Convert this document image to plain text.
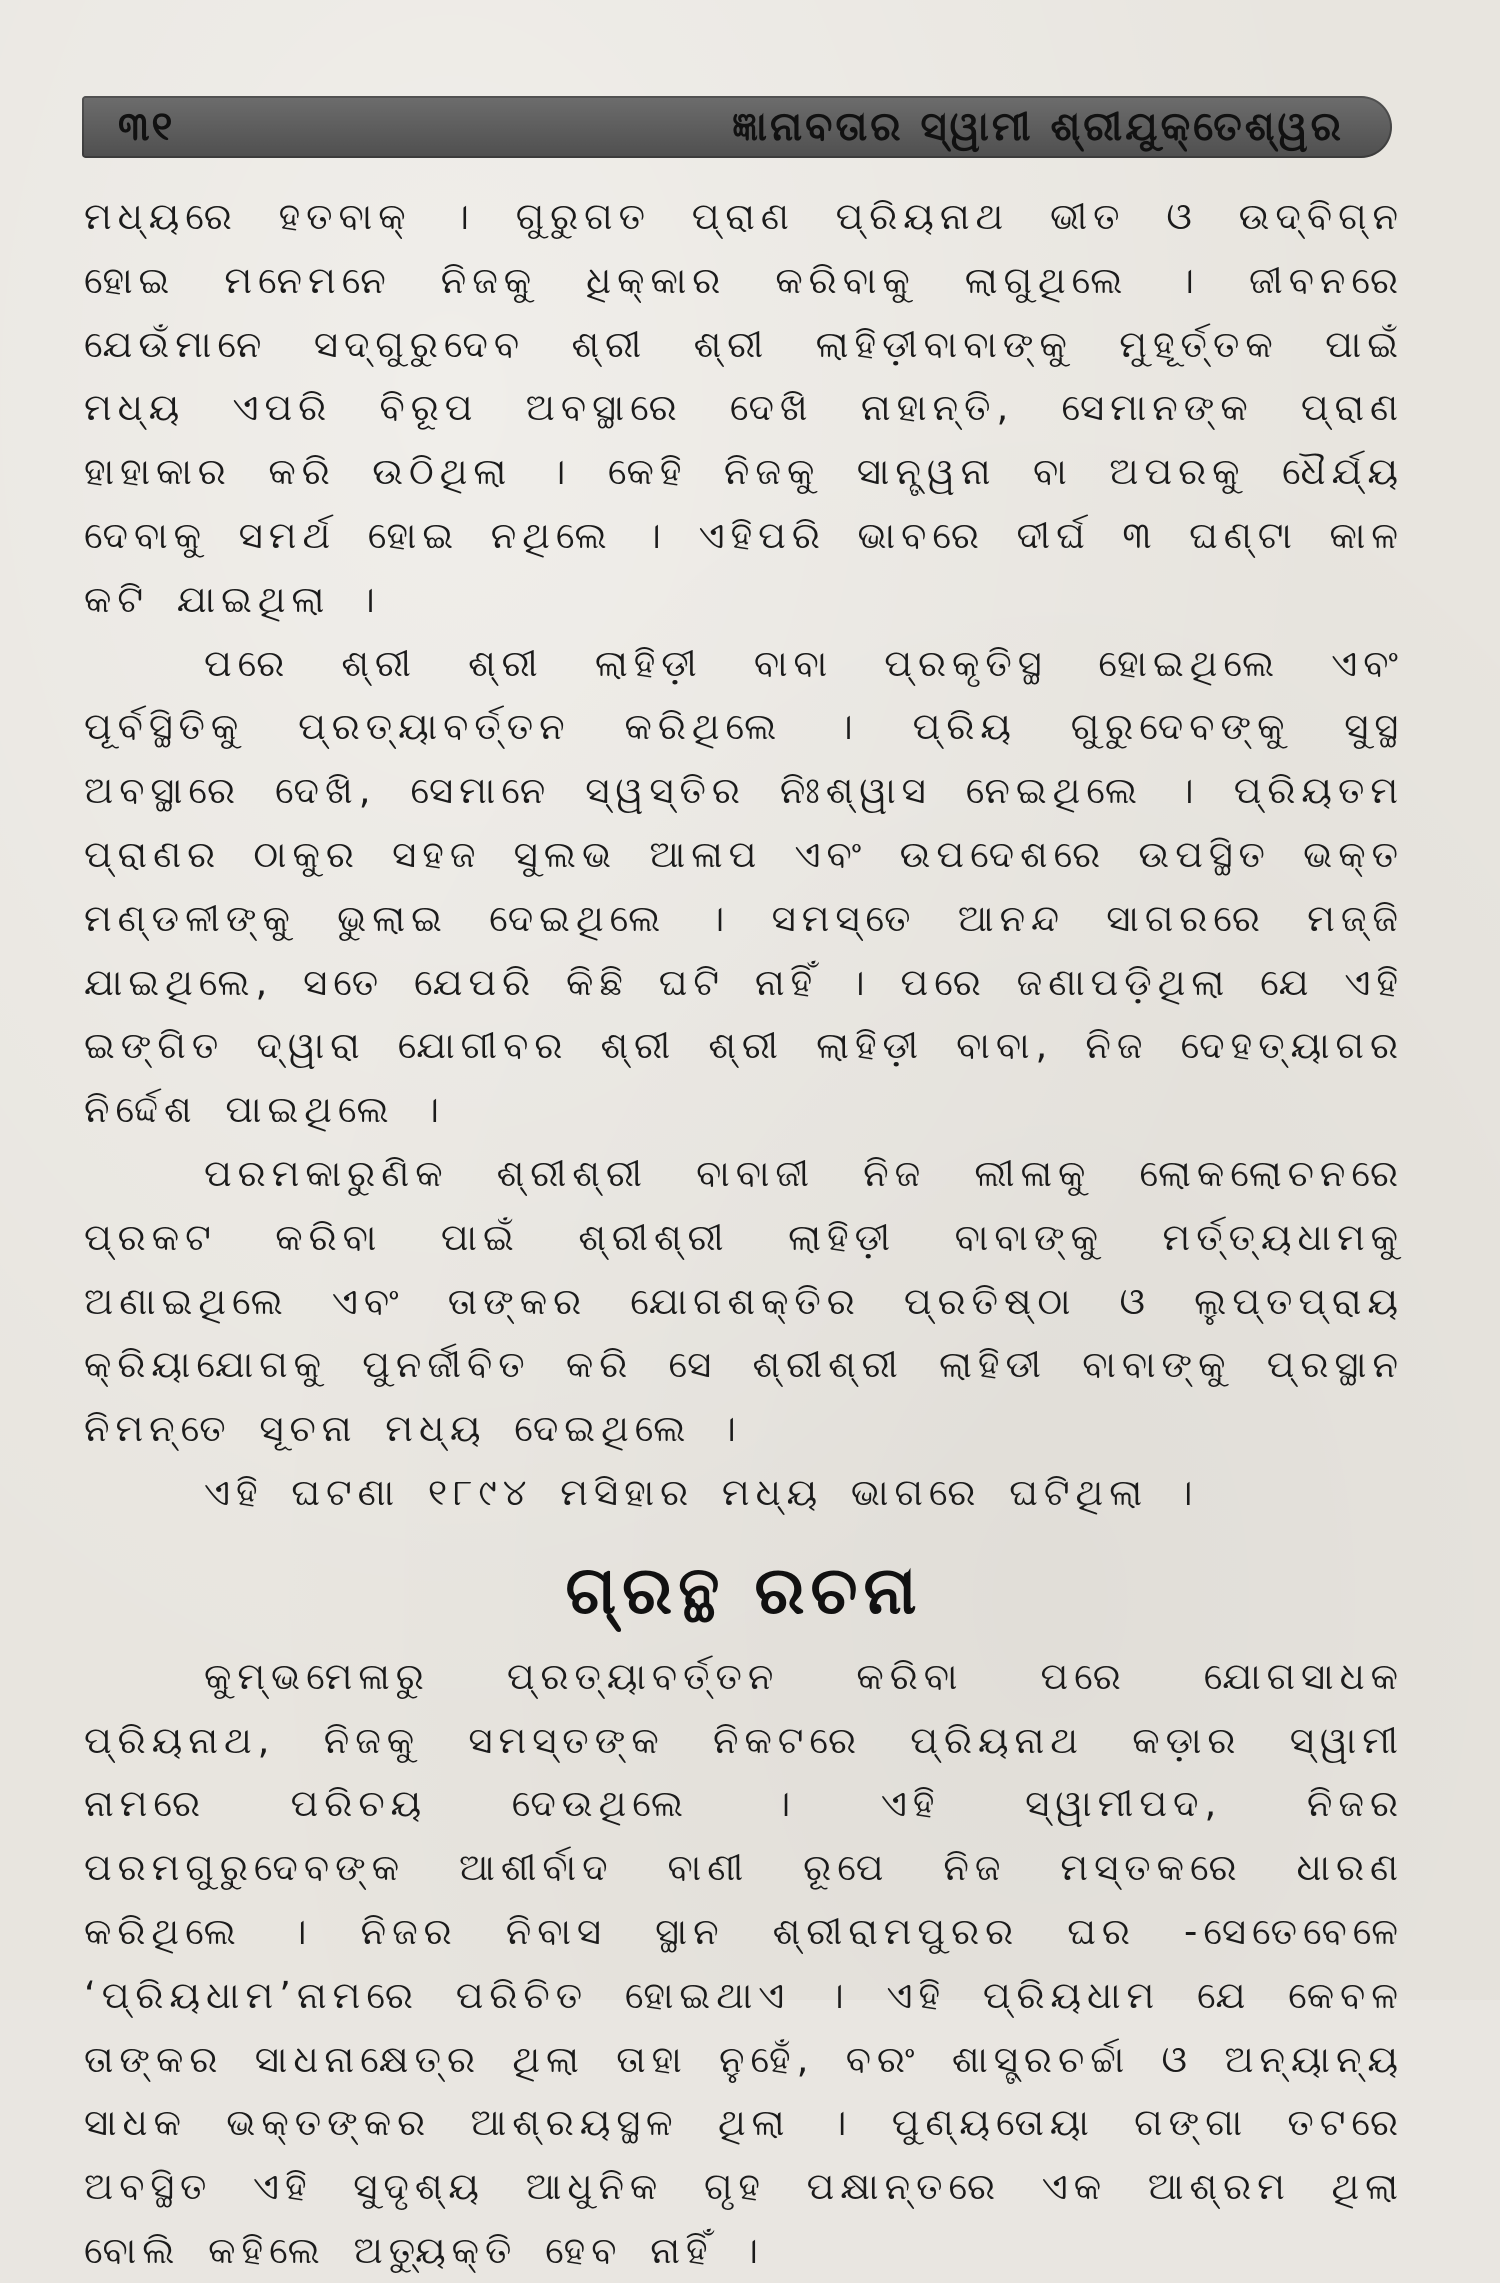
୩୧	ଜ୍ଞାନାବତାର ସ୍ୱାମୀ ଶ୍ରୀଯୁକ୍ତେଶ୍ୱର

ମଧ୍ୟରେ ହତବାକ୍ । ଗୁରୁଗତ ପ୍ରାଣ ପ୍ରିୟନାଥ ଭୀତ ଓ ଉଦ୍‌ବିଗ୍ନ ହୋଇ ମନେମନେ ନିଜକୁ ଧିକ୍‌କାର କରିବାକୁ ଲାଗୁଥିଲେ । ଜୀବନରେ ଯେଉଁମାନେ ସଦ୍‌ଗୁରୁଦେବ ଶ୍ରୀ ଶ୍ରୀ ଲାହିଡ଼ୀବାବାଙ୍କୁ ମୁହୂର୍ତ୍ତକ ପାଇଁ ମଧ୍ୟ ଏପରି ବିରୂପ ଅବସ୍ଥାରେ ଦେଖି ନାହାନ୍ତି, ସେମାନଙ୍କ ପ୍ରାଣ ହାହାକାର କରି ଉଠିଥିଲା । କେହି ନିଜକୁ ସାନ୍ତ୍ୱନା ବା ଅପରକୁ ଧୈର୍ଯ୍ୟ ଦେବାକୁ ସମର୍ଥ ହୋଇ ନଥିଲେ । ଏହିପରି ଭାବରେ ଦୀର୍ଘ ୩ ଘଣ୍ଟା କାଳ କଟି ଯାଇଥିଲା ।

ପରେ ଶ୍ରୀ ଶ୍ରୀ ଲାହିଡ଼ୀ ବାବା ପ୍ରକୃତିସ୍ଥ ହୋଇଥିଲେ ଏବଂ ପୂର୍ବସ୍ଥିତିକୁ ପ୍ରତ୍ୟାବର୍ତ୍ତନ କରିଥିଲେ । ପ୍ରିୟ ଗୁରୁଦେବଙ୍କୁ ସୁସ୍ଥ ଅବସ୍ଥାରେ ଦେଖି, ସେମାନେ ସ୍ୱସ୍ତିର ନିଃଶ୍ୱାସ ନେଇଥିଲେ । ପ୍ରିୟତମ ପ୍ରାଣର ଠାକୁର ସହଜ ସୁଲଭ ଆଳାପ ଏବଂ ଉପଦେଶରେ ଉପସ୍ଥିତ ଭକ୍ତ ମଣ୍ଡଳୀଙ୍କୁ ଭୁଲାଇ ଦେଇଥିଲେ । ସମସ୍ତେ ଆନନ୍ଦ ସାଗରରେ ମଜ୍ଜି ଯାଇଥିଲେ, ସତେ ଯେପରି କିଛି ଘଟି ନାହିଁ । ପରେ ଜଣାପଡ଼ିଥିଲା ଯେ ଏହି ଇଙ୍ଗିତ ଦ୍ୱାରା ଯୋଗୀବର ଶ୍ରୀ ଶ୍ରୀ ଲାହିଡ଼ୀ ବାବା, ନିଜ ଦେହତ୍ୟାଗର ନିର୍ଦ୍ଦେଶ ପାଇଥିଲେ ।

ପରମକାରୁଣିକ ଶ୍ରୀଶ୍ରୀ ବାବାଜୀ ନିଜ ଲୀଳାକୁ ଲୋକଲୋଚନରେ ପ୍ରକଟ କରିବା ପାଇଁ ଶ୍ରୀଶ୍ରୀ ଲାହିଡ଼ୀ ବାବାଙ୍କୁ ମର୍ତ୍ତ୍ୟଧାମକୁ ଅଣାଇଥିଲେ ଏବଂ ତାଙ୍କର ଯୋଗଶକ୍ତିର ପ୍ରତିଷ୍ଠା ଓ ଲୁପ୍ତପ୍ରାୟ କ୍ରିୟାଯୋଗକୁ ପୁନର୍ଜୀବିତ କରି ସେ ଶ୍ରୀଶ୍ରୀ ଲାହିଡୀ ବାବାଙ୍କୁ ପ୍ରସ୍ଥାନ ନିମନ୍ତେ ସୂଚନା ମଧ୍ୟ ଦେଇଥିଲେ ।

ଏହି ଘଟଣା ୧୮୯୪ ମସିହାର ମଧ୍ୟ ଭାଗରେ ଘଟିଥିଲା ।

ଗ୍ରନ୍ଥ ରଚନା

କୁମ୍ଭମେଳାରୁ ପ୍ରତ୍ୟାବର୍ତ୍ତନ କରିବା ପରେ ଯୋଗସାଧକ ପ୍ରିୟନାଥ, ନିଜକୁ ସମସ୍ତଙ୍କ ନିକଟରେ ପ୍ରିୟନାଥ କଡ଼ାର ସ୍ୱାମୀ ନାମରେ ପରିଚୟ ଦେଉଥିଲେ । ଏହି ସ୍ୱାମୀପଦ, ନିଜର ପରମଗୁରୁଦେବଙ୍କ ଆଶୀର୍ବାଦ ବାଣୀ ରୂପେ ନିଜ ମସ୍ତକରେ ଧାରଣ କରିଥିଲେ । ନିଜର ନିବାସ ସ୍ଥାନ ଶ୍ରୀରାମପୁରର ଘର -ସେତେବେଳେ ‘ପ୍ରିୟଧାମ’ନାମରେ ପରିଚିତ ହୋଇଥାଏ । ଏହି ପ୍ରିୟଧାମ ଯେ କେବଳ ତାଙ୍କର ସାଧନାକ୍ଷେତ୍ର ଥିଲା ତାହା ନୁହେଁ, ବରଂ ଶାସ୍ତ୍ରଚର୍ଚ୍ଚା ଓ ଅନ୍ୟାନ୍ୟ ସାଧକ ଭକ୍ତଙ୍କର ଆଶ୍ରୟସ୍ଥଳ ଥିଲା । ପୁଣ୍ୟତୋୟା ଗଙ୍ଗା ତଟରେ ଅବସ୍ଥିତ ଏହି ସୁଦୃଶ୍ୟ ଆଧୁନିକ ଗୃହ ପକ୍ଷାନ୍ତରେ ଏକ ଆଶ୍ରମ ଥିଲା ବୋଲି କହିଲେ ଅତ୍ୟୁକ୍ତି ହେବ ନାହିଁ ।
